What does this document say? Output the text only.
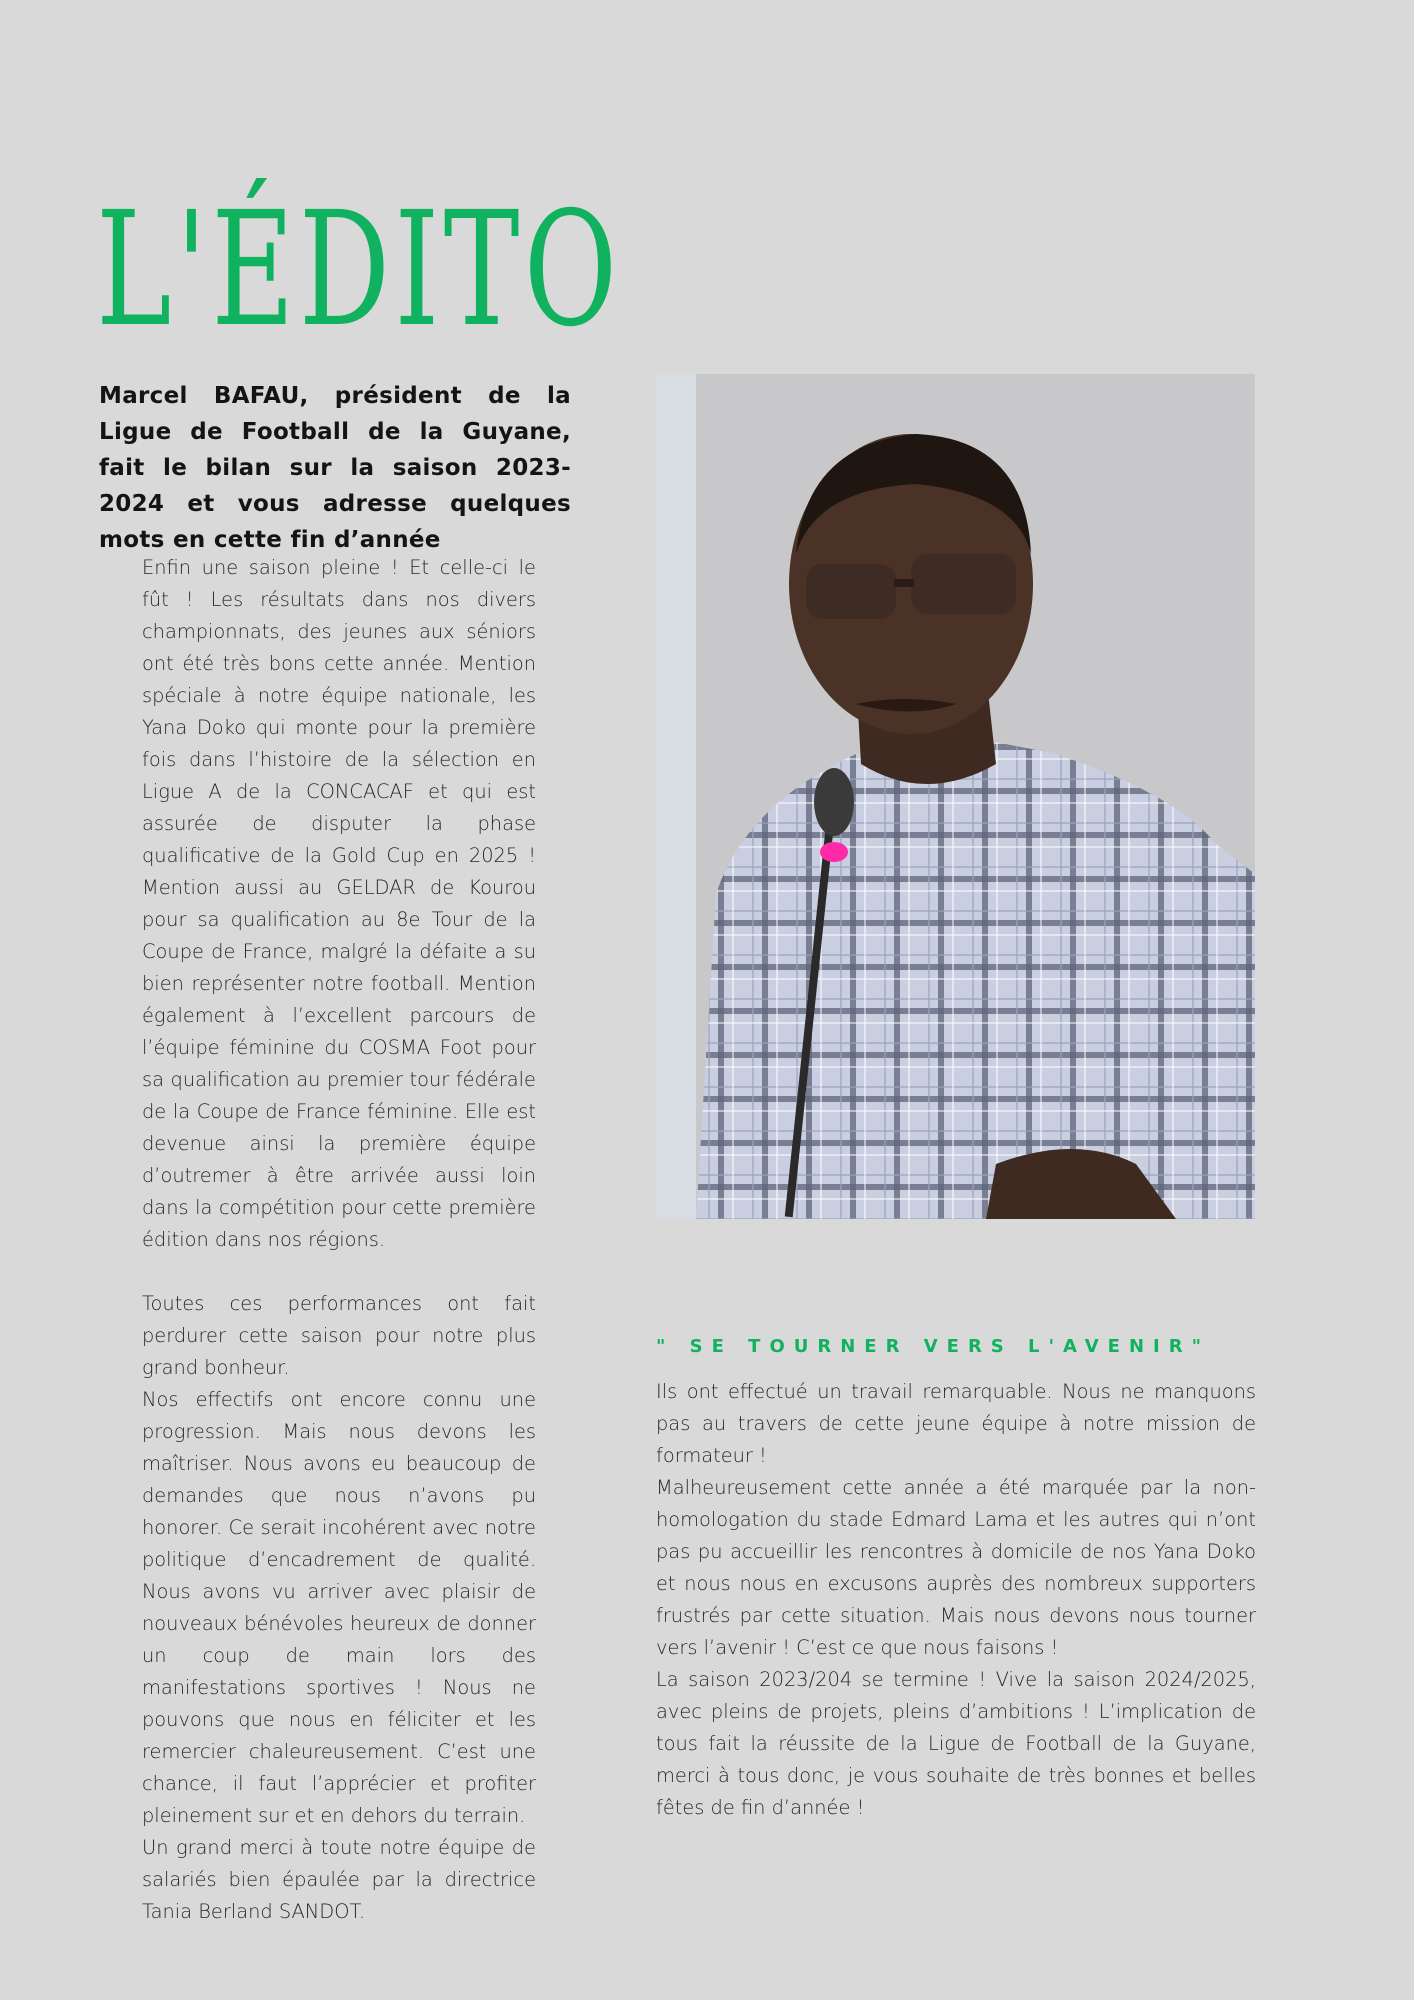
L'ÉDITO
Marcel BAFAU, président de la Ligue de Football de la Guyane, fait le bilan sur la saison 2023-2024 et vous adresse quelques mots en cette fin d’année

Enfin une saison pleine ! Et celle-ci le fût ! Les résultats dans nos divers championnats, des jeunes aux séniors ont été très bons cette année. Mention spéciale à notre équipe nationale, les Yana Doko qui monte pour la première fois dans l’histoire de la sélection en Ligue A de la CONCACAF et qui est assurée de disputer la phase qualificative de la Gold Cup en 2025 ! Mention aussi au GELDAR de Kourou pour sa qualification au 8e Tour de la Coupe de France, malgré la défaite a su bien représenter notre football. Mention également à l’excellent parcours de l’équipe féminine du COSMA Foot pour sa qualification au premier tour fédérale de la Coupe de France féminine. Elle est devenue ainsi la première équipe d’outremer à être arrivée aussi loin dans la compétition pour cette première édition dans nos régions.

Toutes ces performances ont fait perdurer cette saison pour notre plus grand bonheur.

Nos effectifs ont encore connu une progression. Mais nous devons les maîtriser. Nous avons eu beaucoup de demandes que nous n’avons pu honorer. Ce serait incohérent avec notre politique d’encadrement de qualité. Nous avons vu arriver avec plaisir de nouveaux bénévoles heureux de donner un coup de main lors des manifestations sportives ! Nous ne pouvons que nous en féliciter et les remercier chaleureusement. C’est une chance, il faut l’apprécier et profiter pleinement sur et en dehors du terrain.

Un grand merci à toute notre équipe de salariés bien épaulée par la directrice Tania Berland SANDOT.

" SE TOURNER VERS L'AVENIR"

Ils ont effectué un travail remarquable. Nous ne manquons pas au travers de cette jeune équipe à notre mission de formateur !

Malheureusement cette année a été marquée par la non-homologation du stade Edmard Lama et les autres qui n’ont pas pu accueillir les rencontres à domicile de nos Yana Doko et nous nous en excusons auprès des nombreux supporters frustrés par cette situation. Mais nous devons nous tourner vers l’avenir ! C’est ce que nous faisons !

La saison 2023/204 se termine ! Vive la saison 2024/2025, avec pleins de projets, pleins d’ambitions ! L’implication de tous fait la réussite de la Ligue de Football de la Guyane, merci à tous donc, je vous souhaite de très bonnes et belles fêtes de fin d’année !
